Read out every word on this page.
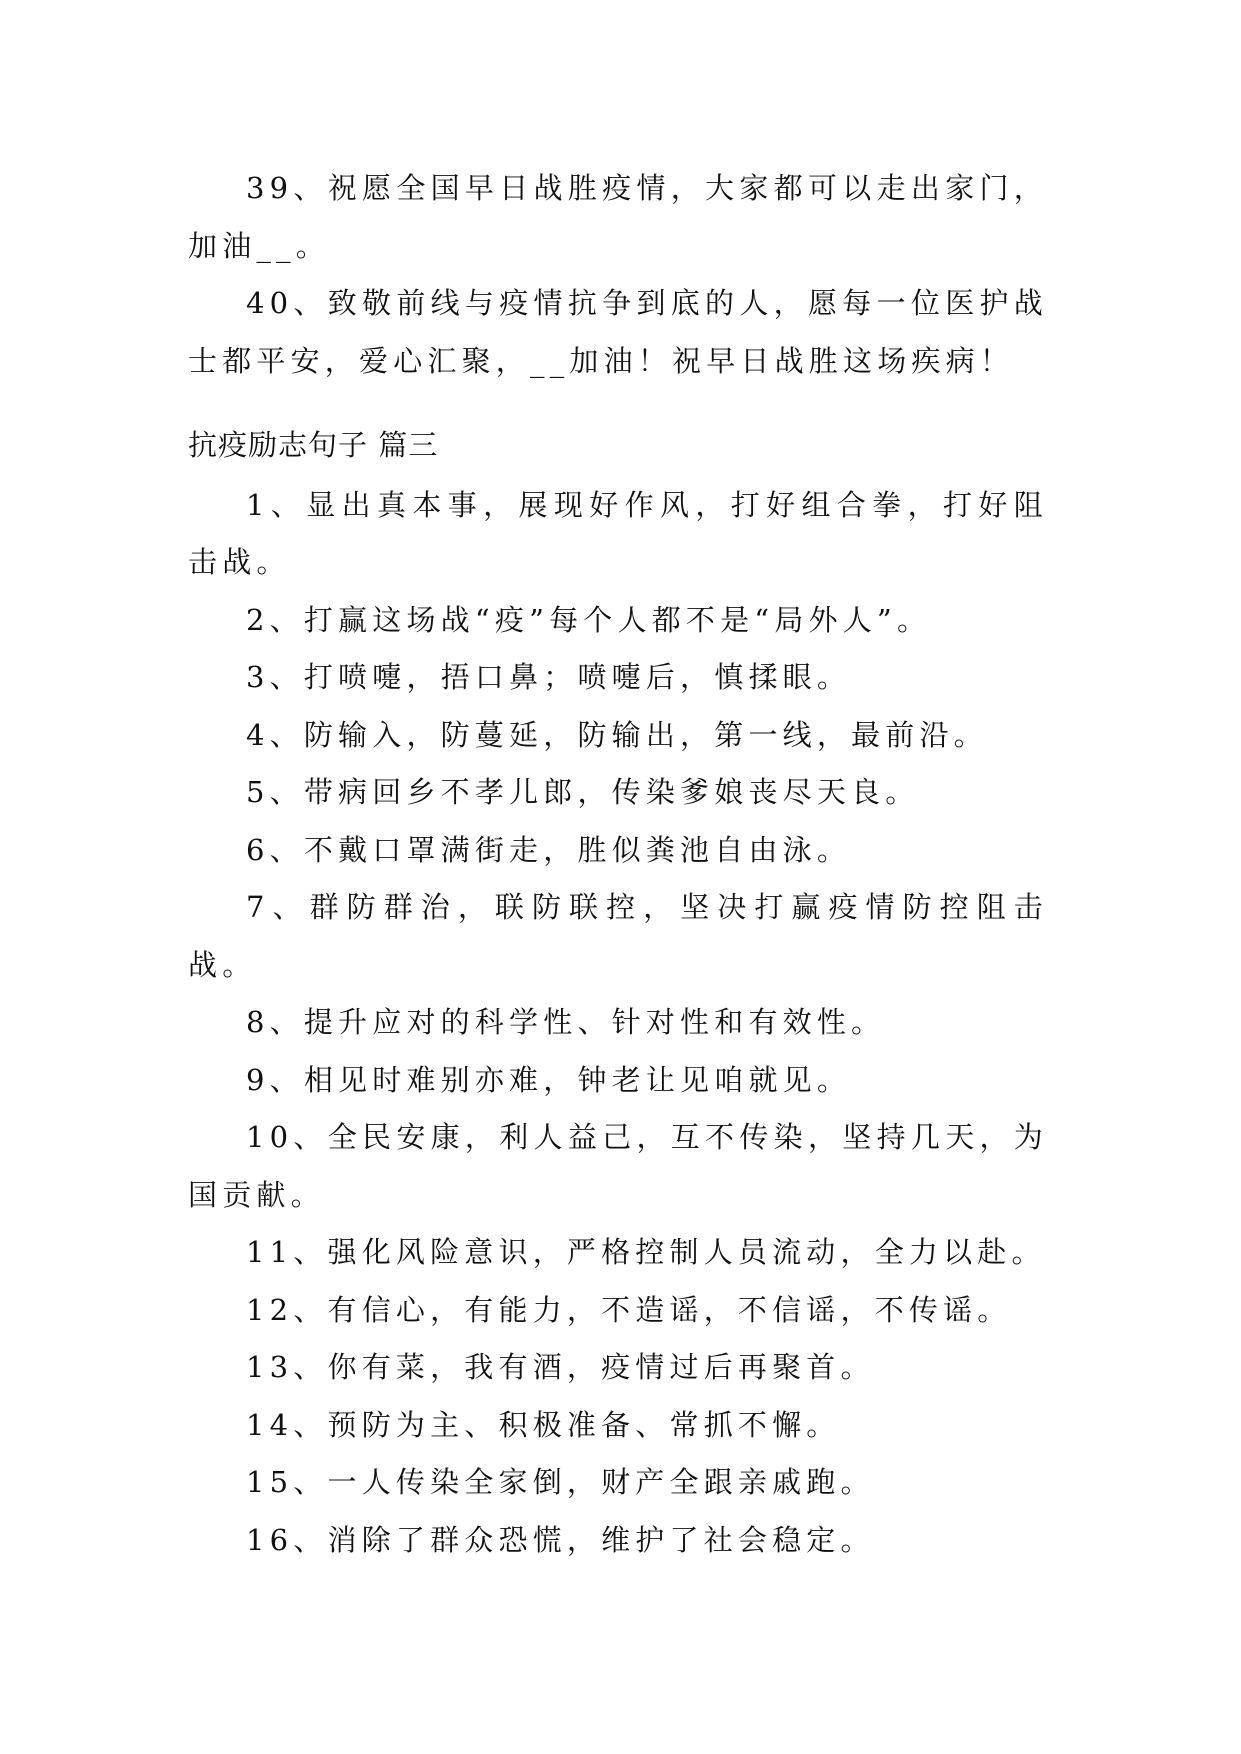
39、祝愿全国早日战胜疫情，大家都可以走出家门，加油__。

40、致敬前线与疫情抗争到底的人，愿每一位医护战士都平安，爱心汇聚，__加油！祝早日战胜这场疾病！

抗疫励志句子 篇三

1、显出真本事，展现好作风，打好组合拳，打好阻击战。

2、打赢这场战“疫”每个人都不是“局外人”。

3、打喷嚏，捂口鼻；喷嚏后，慎揉眼。

4、防输入，防蔓延，防输出，第一线，最前沿。

5、带病回乡不孝儿郎，传染爹娘丧尽天良。

6、不戴口罩满街走，胜似粪池自由泳。

7、群防群治，联防联控，坚决打赢疫情防控阻击战。

8、提升应对的科学性、针对性和有效性。

9、相见时难别亦难，钟老让见咱就见。

10、全民安康，利人益己，互不传染，坚持几天，为国贡献。

11、强化风险意识，严格控制人员流动，全力以赴。

12、有信心，有能力，不造谣，不信谣，不传谣。

13、你有菜，我有酒，疫情过后再聚首。

14、预防为主、积极准备、常抓不懈。

15、一人传染全家倒，财产全跟亲戚跑。

16、消除了群众恐慌，维护了社会稳定。
